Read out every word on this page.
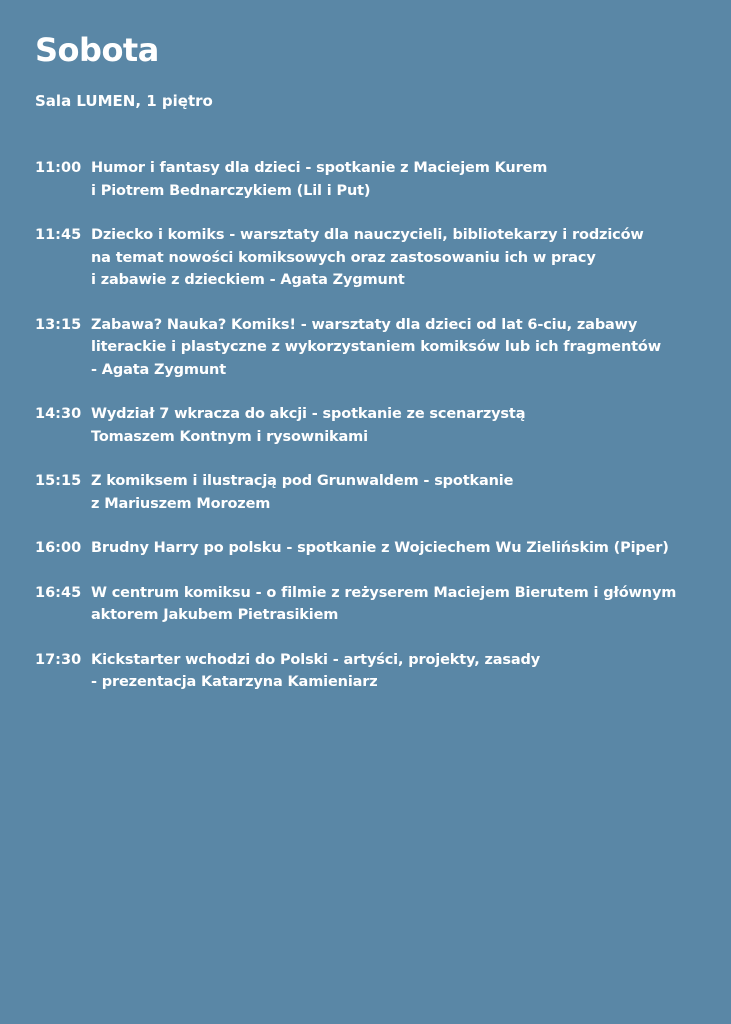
Sobota
Sala LUMEN, 1 piętro
11:00 Humor i fantasy dla dzieci - spotkanie z Maciejem Kurem
i Piotrem Bednarczykiem (Lil i Put)
11:45 Dziecko i komiks - warsztaty dla nauczycieli, bibliotekarzy i rodziców
na temat nowości komiksowych oraz zastosowaniu ich w pracy
i zabawie z dzieckiem - Agata Zygmunt
13:15 Zabawa? Nauka? Komiks! - warsztaty dla dzieci od lat 6-ciu, zabawy
literackie i plastyczne z wykorzystaniem komiksów lub ich fragmentów
- Agata Zygmunt
14:30 Wydział 7 wkracza do akcji - spotkanie ze scenarzystą
Tomaszem Kontnym i rysownikami
15:15 Z komiksem i ilustracją pod Grunwaldem - spotkanie
z Mariuszem Morozem
16:00 Brudny Harry po polsku - spotkanie z Wojciechem Wu Zielińskim (Piper)
16:45 W centrum komiksu - o filmie z reżyserem Maciejem Bierutem i głównym
aktorem Jakubem Pietrasikiem
17:30 Kickstarter wchodzi do Polski - artyści, projekty, zasady
- prezentacja Katarzyna Kamieniarz
